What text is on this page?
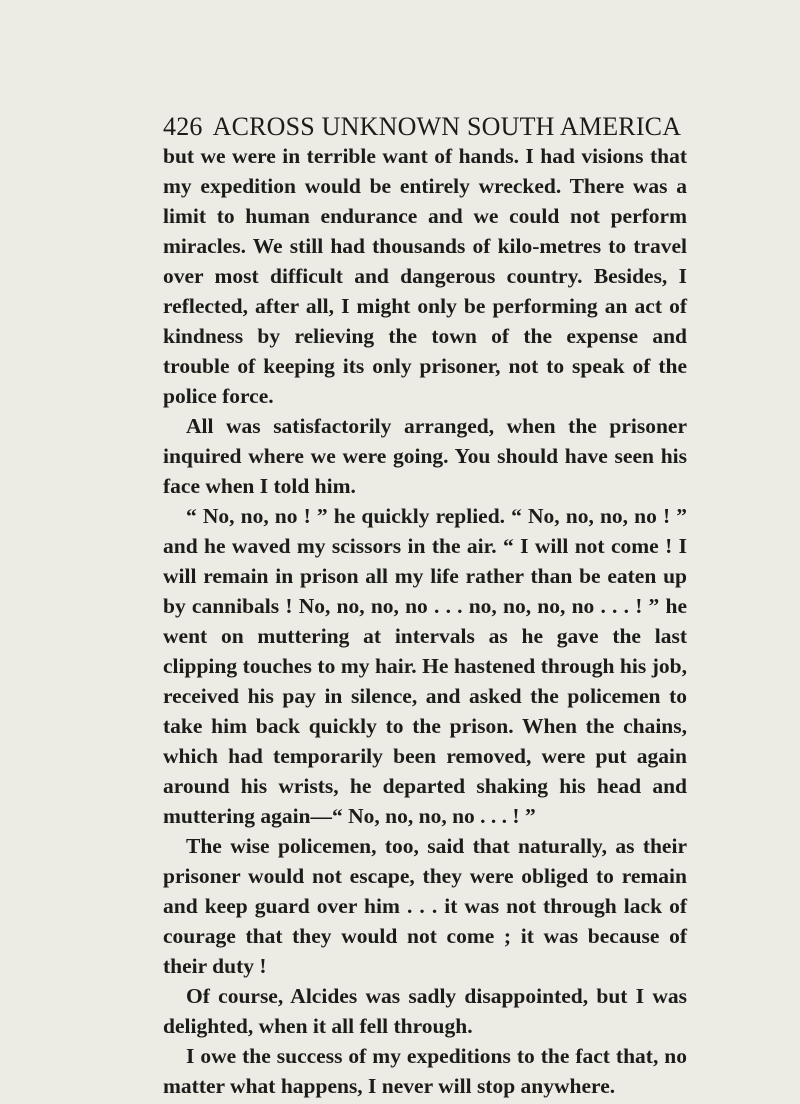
426 ACROSS UNKNOWN SOUTH AMERICA

but we were in terrible want of hands. I had visions that my expedition would be entirely wrecked. There was a limit to human endurance and we could not perform miracles. We still had thousands of kilo-metres to travel over most difficult and dangerous country. Besides, I reflected, after all, I might only be performing an act of kindness by relieving the town of the expense and trouble of keeping its only prisoner, not to speak of the police force.

All was satisfactorily arranged, when the prisoner inquired where we were going. You should have seen his face when I told him.

“ No, no, no ! ” he quickly replied. “ No, no, no, no ! ” and he waved my scissors in the air. “ I will not come ! I will remain in prison all my life rather than be eaten up by cannibals ! No, no, no, no . . . no, no, no, no . . . ! ” he went on muttering at intervals as he gave the last clipping touches to my hair. He hastened through his job, received his pay in silence, and asked the policemen to take him back quickly to the prison. When the chains, which had temporarily been removed, were put again around his wrists, he departed shaking his head and muttering again—“ No, no, no, no . . . ! ”

The wise policemen, too, said that naturally, as their prisoner would not escape, they were obliged to remain and keep guard over him . . . it was not through lack of courage that they would not come ; it was because of their duty !

Of course, Alcides was sadly disappointed, but I was delighted, when it all fell through.

I owe the success of my expeditions to the fact that, no matter what happens, I never will stop anywhere.
